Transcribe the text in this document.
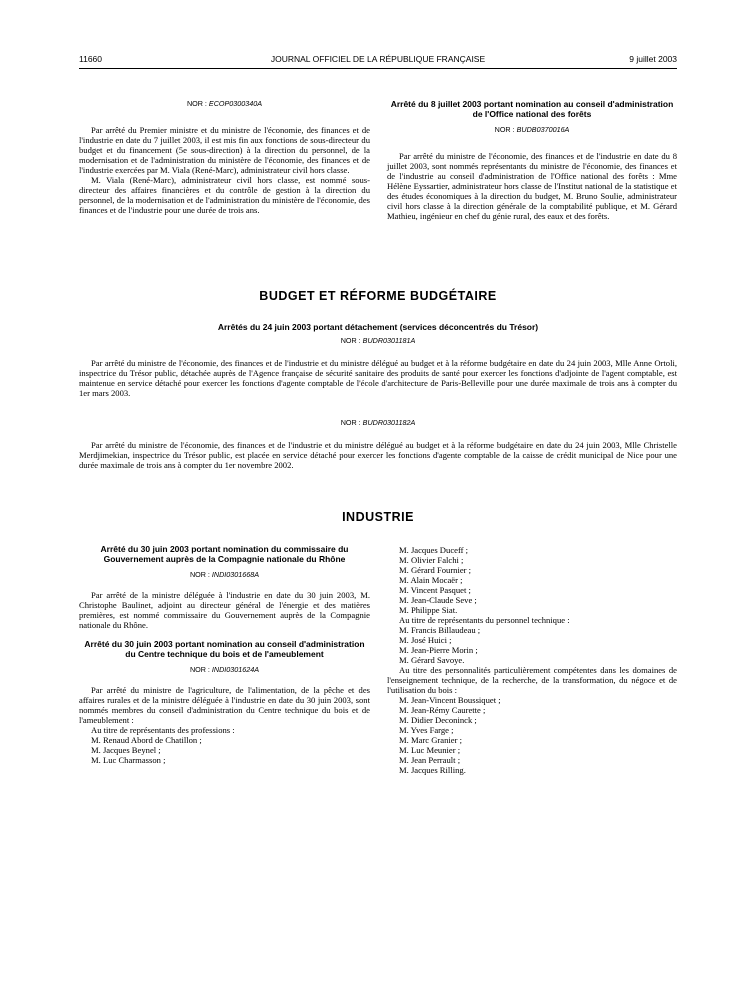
11660	JOURNAL OFFICIEL DE LA RÉPUBLIQUE FRANÇAISE	9 juillet 2003

NOR : ECOP0300340A

Par arrêté du Premier ministre et du ministre de l'économie, des finances et de l'industrie en date du 7 juillet 2003, il est mis fin aux fonctions de sous-directeur du budget et du financement (5e sous-direction) à la direction du personnel, de la modernisation et de l'administration du ministère de l'économie, des finances et de l'industrie exercées par M. Viala (René-Marc), administrateur civil hors classe.

M. Viala (René-Marc), administrateur civil hors classe, est nommé sous-directeur des affaires financières et du contrôle de gestion à la direction du personnel, de la modernisation et de l'administration du ministère de l'économie, des finances et de l'industrie pour une durée de trois ans.

Arrêté du 8 juillet 2003 portant nomination au conseil d'administration de l'Office national des forêts

NOR : BUDB0370016A

Par arrêté du ministre de l'économie, des finances et de l'industrie en date du 8 juillet 2003, sont nommés représentants du ministre de l'économie, des finances et de l'industrie au conseil d'administration de l'Office national des forêts : Mme Hélène Eyssartier, administrateur hors classe de l'Institut national de la statistique et des études économiques à la direction du budget, M. Bruno Soulie, administrateur civil hors classe à la direction générale de la comptabilité publique, et M. Gérard Mathieu, ingénieur en chef du génie rural, des eaux et des forêts.

BUDGET ET RÉFORME BUDGÉTAIRE

Arrêtés du 24 juin 2003 portant détachement (services déconcentrés du Trésor)

NOR : BUDR0301181A

Par arrêté du ministre de l'économie, des finances et de l'industrie et du ministre délégué au budget et à la réforme budgétaire en date du 24 juin 2003, Mlle Anne Ortoli, inspectrice du Trésor public, détachée auprès de l'Agence française de sécurité sanitaire des produits de santé pour exercer les fonctions d'adjointe de l'agent comptable, est maintenue en service détaché pour exercer les fonctions d'agente comptable de l'école d'architecture de Paris-Belleville pour une durée maximale de trois ans à compter du 1er mars 2003.

NOR : BUDR0301182A

Par arrêté du ministre de l'économie, des finances et de l'industrie et du ministre délégué au budget et à la réforme budgétaire en date du 24 juin 2003, Mlle Christelle Merdjimekian, inspectrice du Trésor public, est placée en service détaché pour exercer les fonctions d'agente comptable de la caisse de crédit municipal de Nice pour une durée maximale de trois ans à compter du 1er novembre 2002.

INDUSTRIE

Arrêté du 30 juin 2003 portant nomination du commissaire du Gouvernement auprès de la Compagnie nationale du Rhône

NOR : INDI0301668A

Par arrêté de la ministre déléguée à l'industrie en date du 30 juin 2003, M. Christophe Baulinet, adjoint au directeur général de l'énergie et des matières premières, est nommé commissaire du Gouvernement auprès de la Compagnie nationale du Rhône.

Arrêté du 30 juin 2003 portant nomination au conseil d'administration du Centre technique du bois et de l'ameublement

NOR : INDI0301624A

Par arrêté du ministre de l'agriculture, de l'alimentation, de la pêche et des affaires rurales et de la ministre déléguée à l'industrie en date du 30 juin 2003, sont nommés membres du conseil d'administration du Centre technique du bois et de l'ameublement :

Au titre de représentants des professions :

M. Renaud Abord de Chatillon ;

M. Jacques Beynel ;

M. Luc Charmasson ;

M. Jacques Duceff ;

M. Olivier Falchi ;

M. Gérard Fournier ;

M. Alain Mocaër ;

M. Vincent Pasquet ;

M. Jean-Claude Seve ;

M. Philippe Siat.

Au titre de représentants du personnel technique :

M. Francis Billaudeau ;

M. José Huici ;

M. Jean-Pierre Morin ;

M. Gérard Savoye.

Au titre des personnalités particulièrement compétentes dans les domaines de l'enseignement technique, de la recherche, de la transformation, du négoce et de l'utilisation du bois :

M. Jean-Vincent Boussiquet ;

M. Jean-Rémy Caurette ;

M. Didier Deconinck ;

M. Yves Farge ;

M. Marc Granier ;

M. Luc Meunier ;

M. Jean Perrault ;

M. Jacques Rilling.
